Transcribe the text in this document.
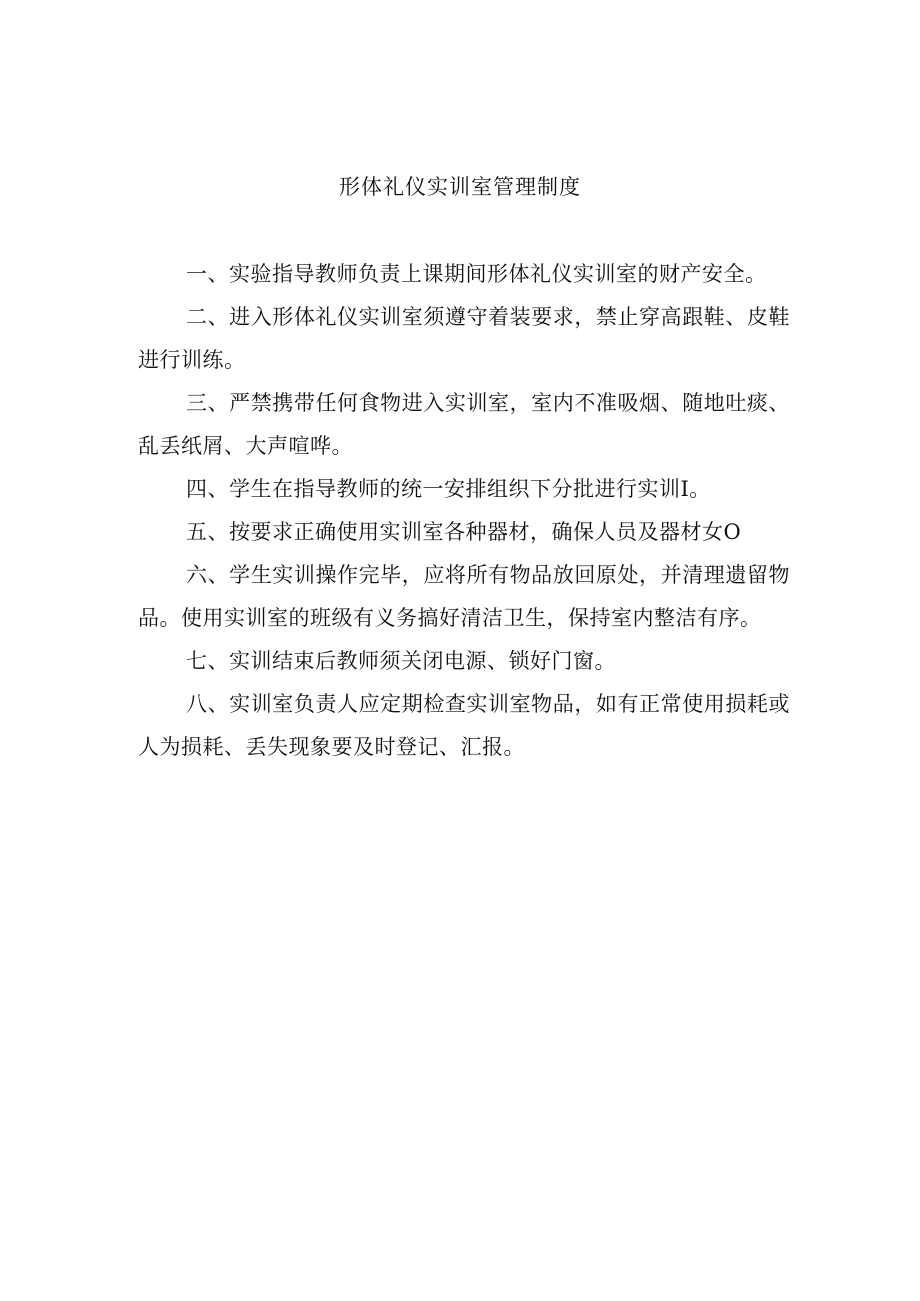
形体礼仪实训室管理制度

一、实验指导教师负责上课期间形体礼仪实训室的财产安全。

二、进入形体礼仪实训室须遵守着装要求，禁止穿高跟鞋、皮鞋进行训练。

三、严禁携带任何食物进入实训室，室内不准吸烟、随地吐痰、乱丢纸屑、大声喧哗。

四、学生在指导教师的统一安排组织下分批进行实训I。

五、按要求正确使用实训室各种器材，确保人员及器材女O

六、学生实训操作完毕，应将所有物品放回原处，并清理遗留物品。使用实训室的班级有义务搞好清洁卫生，保持室内整洁有序。

七、实训结束后教师须关闭电源、锁好门窗。

八、实训室负责人应定期检查实训室物品，如有正常使用损耗或人为损耗、丢失现象要及时登记、汇报。
